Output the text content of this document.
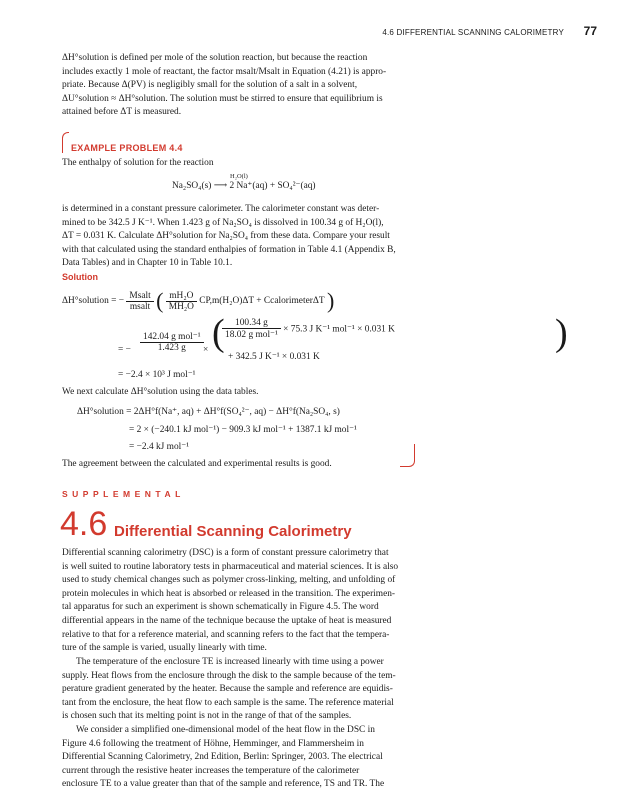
4.6 DIFFERENTIAL SCANNING CALORIMETRY 77
ΔH°solution is defined per mole of the solution reaction, but because the reaction
includes exactly 1 mole of reactant, the factor msalt/Msalt in Equation (4.21) is appro-
priate. Because Δ(PV) is negligibly small for the solution of a salt in a solvent,
ΔU°solution ≈ ΔH°solution. The solution must be stirred to ensure that equilibrium is
attained before ΔT is measured.
EXAMPLE PROBLEM 4.4
The enthalpy of solution for the reaction
H₂O(l)
Na₂SO₄(s) ⟶ 2 Na⁺(aq) + SO₄²⁻(aq)
is determined in a constant pressure calorimeter. The calorimeter constant was deter-
mined to be 342.5 J K⁻¹. When 1.423 g of Na₂SO₄ is dissolved in 100.34 g of H₂O(l),
ΔT = 0.031 K. Calculate ΔH°solution for Na₂SO₄ from these data. Compare your result
with that calculated using the standard enthalpies of formation in Table 4.1 (Appendix B,
Data Tables) and in Chapter 10 in Table 10.1.
Solution
ΔH°solution = − $\frac{\text{Msalt}}{\text{msalt}}$ ( $\frac{\text{mH₂O}}{\text{MH₂O}} CP,m(H_2O)\Delta T$ + CcalorimeterΔT )
= − $\frac{\text{142.04 g mol⁻¹}}{1.423 g}$ × (
$\frac{100.34 g}{\text{18.02 g mol⁻¹}} \times 75.3$ J K⁻¹ mol⁻¹ × 0.031 K
+ 342.5 J K⁻¹ × 0.031 K
)
= −2.4 × 10³ J mol⁻¹
We next calculate ΔH°solution using the data tables.
ΔH°solution = 2ΔH°f(Na⁺, aq) + ΔH°f(SO₄²⁻, aq) − ΔH°f(Na₂SO₄, s)
= 2 × (−240.1 kJ mol⁻¹) − 909.3 kJ mol⁻¹ + 1387.1 kJ mol⁻¹
= −2.4 kJ mol⁻¹
The agreement between the calculated and experimental results is good.
SUPPLEMENTAL
4.6 Differential Scanning Calorimetry
Differential scanning calorimetry (DSC) is a form of constant pressure calorimetry that
is well suited to routine laboratory tests in pharmaceutical and material sciences. It is also
used to study chemical changes such as polymer cross-linking, melting, and unfolding of
protein molecules in which heat is absorbed or released in the transition. The experimen-
tal apparatus for such an experiment is shown schematically in Figure 4.5. The word
differential appears in the name of the technique because the uptake of heat is measured
relative to that for a reference material, and scanning refers to the fact that the tempera-
ture of the sample is varied, usually linearly with time.
The temperature of the enclosure TE is increased linearly with time using a power
supply. Heat flows from the enclosure through the disk to the sample because of the tem-
perature gradient generated by the heater. Because the sample and reference are equidis-
tant from the enclosure, the heat flow to each sample is the same. The reference material
is chosen such that its melting point is not in the range of that of the samples.
We consider a simplified one-dimensional model of the heat flow in the DSC in
Figure 4.6 following the treatment of Höhne, Hemminger, and Flammersheim in
Differential Scanning Calorimetry, 2nd Edition, Berlin: Springer, 2003. The electrical
current through the resistive heater increases the temperature of the calorimeter
enclosure TE to a value greater than that of the sample and reference, TS and TR. The
